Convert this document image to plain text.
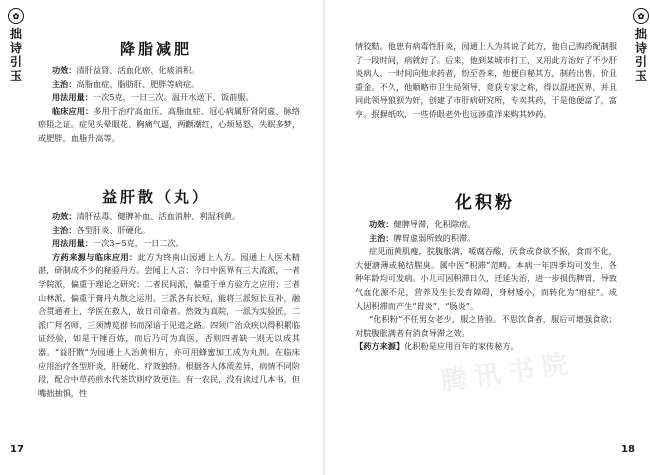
✿
拙
诗
引
玉
降脂减肥

功效：清肝益肾、活血化瘀、化痰消积。

主治：高脂血症、脂肪肝、肥胖等病症。

用法用量：一次5克，一日三次。温开水送下，饭前服。

临床应用：多用于治疗高血压、高脂血症、冠心病属肝肾阴虚、脉络瘀阻之证。症见头晕眼花、胸痛气逼，两颧潮红，心烦易怒，失眠多梦，或肥胖，血脂升高等。

益肝散（丸）

功效：清肝祛毒、健脾补血、活血消肿、利湿利黄。

主治：各型肝炎、肝硬化。

用法用量：一次3~5克，一日二次。

方药来源与临床应用：此方为终南山园通上人方。园通上人医术精湛，研制成不少的秘验丹方。尝闻上人言：今日中医界有三大流派，一者学院派，偏重于理论之研究；二者民间派，偏重于单方验方之应用；三者山林派，偏重于膏丹丸散之运用。三派各有长短，能将三派短长互补，融合贯通者上，学医在救人，故日司命者。然效为真院，一派为实验匠，二派广拜名师，三须博览群书而深谙于见道之路。四须广治众疾以得积累临证经验，如是于锤百炼，而后乃可为真医，否则四者缺一则无以成其器。“益肝散”为园通上人治黄相方，亦可用蜂蜜加工成为丸剂。在临床应用治疗各型肝炎，肝硬化、疗效独特。根据各人体质差异，病情不同阶段，配合中草药煎水代茶饮则疗效更佳。有一农民，没有读过几本书，但嘴拙抽惧，性

17
✿
拙
诗
引
玉

情狡黠。他患有病毒性肝炎，园通上人为其说了此方，他自己购药配制服了一段时间，病就好了。后来，他到某城市打工，又用此方治好了不少肝炎病人，一时间向他求药者，纷至沓来，他便自秘其方，制药出售，价且重金。不久，他顺略市卫生局领导，竟获专家之称，得以混迹医界，并且同此领导狼狈为奸，创建了市肝病研究所，专卖其药，于是他便富了，富亨。抿摒纸吹，一些侨眼老外也远涉重洋来购其妙药。

化积粉

功效：健脾导滞，化积除痞。

主治：脾胃虚弱所致的积滞。

症见面黄肌瘦，脘腹胀满，嗳腐吞酸，厌食或食欲不振，食而不化，大便溏薄或秘结腥臭。属中医“积滞”范畴。本病一年四季均可发生，各种年龄均可发病。小儿可因积滞日久，迁延失治，进一步损伤脾胃，导致气血化源不足，营养及生长发育障碍，身材矮小，而转化为“疳症”。成人因积滞而产生“胃炎”、“肠炎”。

“化积粉”不任男女老少，服之皆验。不思饮食者，服后可增强食欲；对脘腹胀满者有消食导滞之效。

【药方来源】化积粉是应用百年的家传秘方。

18
腾讯书院
